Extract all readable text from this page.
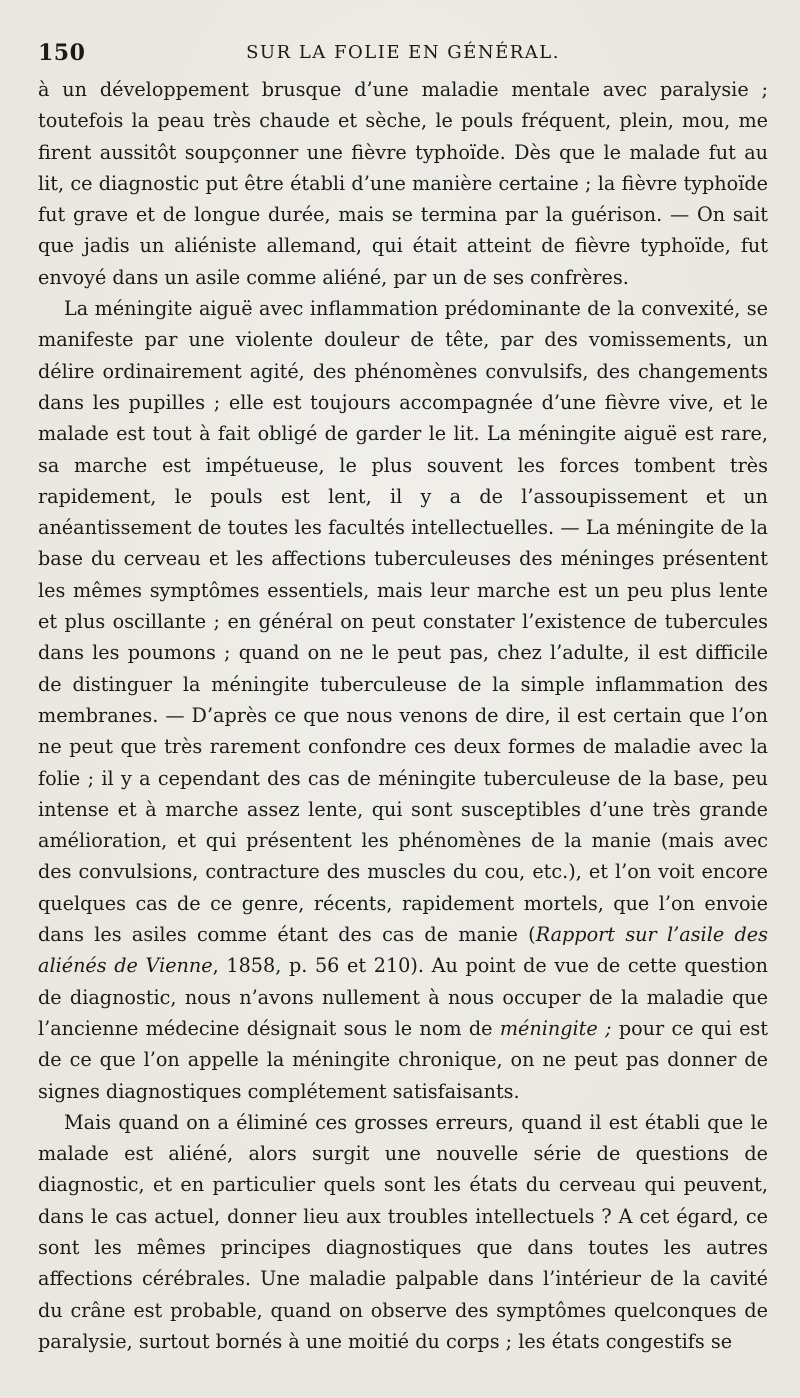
150	SUR LA FOLIE EN GÉNÉRAL.

à un développement brusque d’une maladie mentale avec paralysie ; toutefois la peau très chaude et sèche, le pouls fréquent, plein, mou, me firent aussitôt soupçonner une fièvre typhoïde. Dès que le malade fut au lit, ce diagnostic put être établi d’une manière certaine ; la fièvre typhoïde fut grave et de longue durée, mais se termina par la guérison. — On sait que jadis un aliéniste allemand, qui était atteint de fièvre typhoïde, fut envoyé dans un asile comme aliéné, par un de ses confrères.

La méningite aiguë avec inflammation prédominante de la convexité, se manifeste par une violente douleur de tête, par des vomissements, un délire ordinairement agité, des phénomènes convulsifs, des changements dans les pupilles ; elle est toujours accompagnée d’une fièvre vive, et le malade est tout à fait obligé de garder le lit. La méningite aiguë est rare, sa marche est impétueuse, le plus souvent les forces tombent très rapidement, le pouls est lent, il y a de l’assoupissement et un anéantissement de toutes les facultés intellectuelles. — La méningite de la base du cerveau et les affections tuberculeuses des méninges présentent les mêmes symptômes essentiels, mais leur marche est un peu plus lente et plus oscillante ; en général on peut constater l’existence de tubercules dans les poumons ; quand on ne le peut pas, chez l’adulte, il est difficile de distinguer la méningite tuberculeuse de la simple inflammation des membranes. — D’après ce que nous venons de dire, il est certain que l’on ne peut que très rarement confondre ces deux formes de maladie avec la folie ; il y a cependant des cas de méningite tuberculeuse de la base, peu intense et à marche assez lente, qui sont susceptibles d’une très grande amélioration, et qui présentent les phénomènes de la manie (mais avec des convulsions, contracture des muscles du cou, etc.), et l’on voit encore quelques cas de ce genre, récents, rapidement mortels, que l’on envoie dans les asiles comme étant des cas de manie (Rapport sur l’asile des aliénés de Vienne, 1858, p. 56 et 210). Au point de vue de cette question de diagnostic, nous n’avons nullement à nous occuper de la maladie que l’ancienne médecine désignait sous le nom de méningite ; pour ce qui est de ce que l’on appelle la méningite chronique, on ne peut pas donner de signes diagnostiques complétement satisfaisants.

Mais quand on a éliminé ces grosses erreurs, quand il est établi que le malade est aliéné, alors surgit une nouvelle série de questions de diagnostic, et en particulier quels sont les états du cerveau qui peuvent, dans le cas actuel, donner lieu aux troubles intellectuels ? A cet égard, ce sont les mêmes principes diagnostiques que dans toutes les autres affections cérébrales. Une maladie palpable dans l’intérieur de la cavité du crâne est probable, quand on observe des symptômes quelconques de paralysie, surtout bornés à une moitié du corps ; les états congestifs se
